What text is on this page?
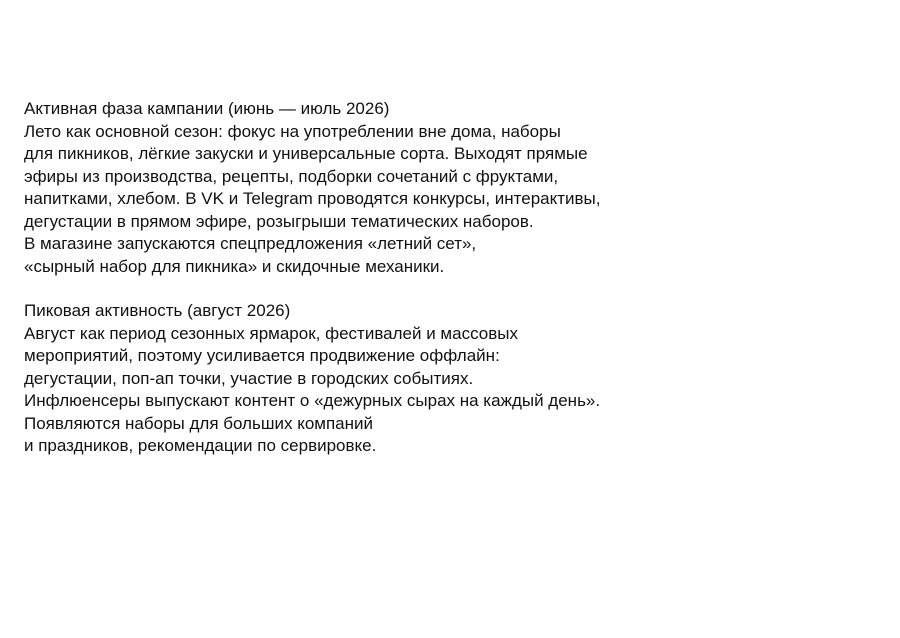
Активная фаза кампании (июнь — июль 2026)

Лето как основной сезон: фокус на употреблении вне дома, наборы
для пикников, лёгкие закуски и универсальные сорта. Выходят прямые
эфиры из производства, рецепты, подборки сочетаний с фруктами,
напитками, хлебом. В VK и Telegram проводятся конкурсы, интерактивы,
дегустации в прямом эфире, розыгрыши тематических наборов.
В магазине запускаются спецпредложения «летний сет»,
«сырный набор для пикника» и скидочные механики.

Пиковая активность (август 2026)

Август как период сезонных ярмарок, фестивалей и массовых
мероприятий, поэтому усиливается продвижение оффлайн:
дегустации, поп-ап точки, участие в городских событиях.
Инфлюенсеры выпускают контент о «дежурных сырах на каждый день».
Появляются наборы для больших компаний
и праздников, рекомендации по сервировке.
